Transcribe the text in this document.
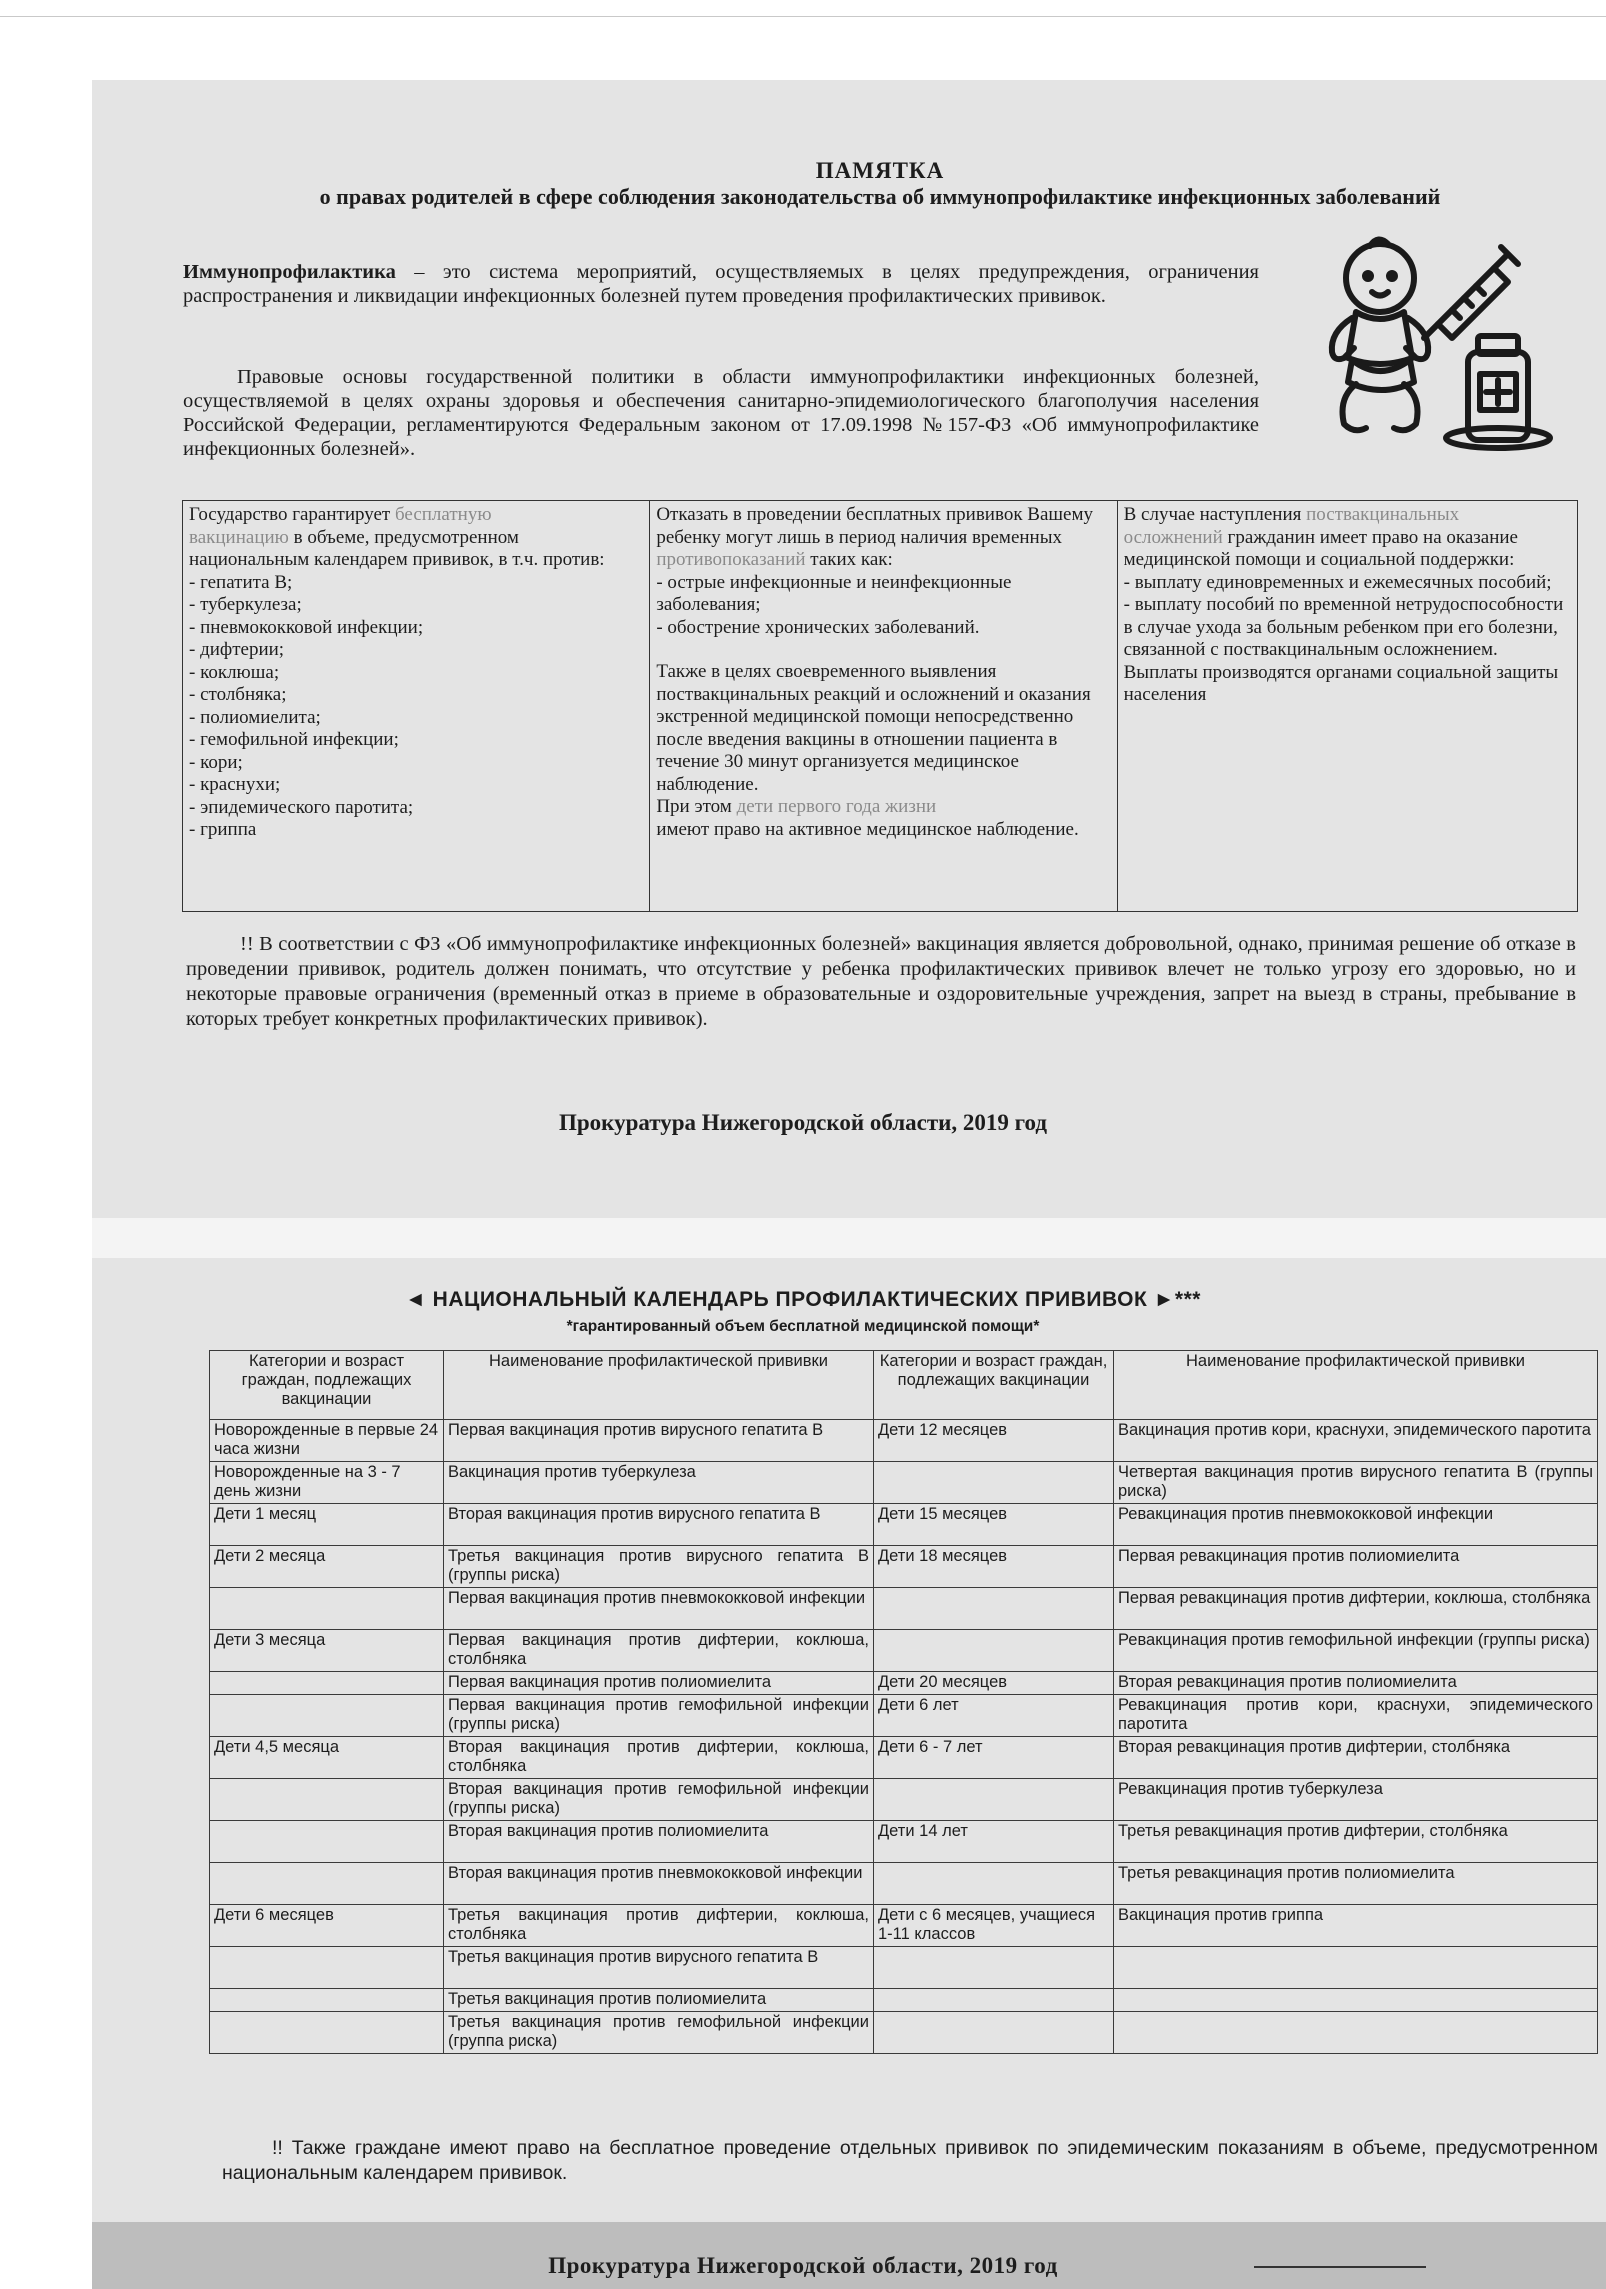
ПАМЯТКА
о правах родителей в сфере соблюдения законодательства об иммунопрофилактике инфекционных заболеваний
Иммунопрофилактика – это система мероприятий, осуществляемых в целях предупреждения, ограничения распространения и ликвидации инфекционных болезней путем проведения профилактических прививок.
Правовые основы государственной политики в области иммунопрофилактики инфекционных болезней, осуществляемой в целях охраны здоровья и обеспечения санитарно-эпидемиологического благополучия населения Российской Федерации, регламентируются Федеральным законом от 17.09.1998 №157-ФЗ «Об иммунопрофилактике инфекционных болезней».
Государство гарантирует бесплатную
вакцинацию в объеме, предусмотренном национальным календарем прививок, в т.ч. против:
- гепатита В;
- туберкулеза;
- пневмококковой инфекции;
- дифтерии;
- коклюша;
- столбняка;
- полиомиелита;
- гемофильной инфекции;
- кори;
- краснухи;
- эпидемического паротита;
- гриппа
	Отказать в проведении бесплатных прививок Вашему ребенку могут лишь в период наличия временных
противопоказаний таких как:
- острые инфекционные и неинфекционные заболевания;
- обострение хронических заболеваний.
Также в целях своевременного выявления поствакцинальных реакций и осложнений и оказания экстренной медицинской помощи непосредственно после введения вакцины в отношении пациента в течение 30 минут организуется медицинское наблюдение.
При этом дети первого года жизни
имеют право на активное медицинское наблюдение.	В случае наступления поствакцинальных
осложнений гражданин имеет право на оказание медицинской помощи и социальной поддержки:
- выплату единовременных и ежемесячных пособий;
- выплату пособий по временной нетрудоспособности в случае ухода за больным ребенком при его болезни, связанной с поствакцинальным осложнением.
Выплаты производятся органами социальной защиты населения
!! В соответствии с ФЗ «Об иммунопрофилактике инфекционных болезней» вакцинация является добровольной, однако, принимая решение об отказе в проведении прививок, родитель должен понимать, что отсутствие у ребенка профилактических прививок влечет не только угрозу его здоровью, но и некоторые правовые ограничения (временный отказ в приеме в образовательные и оздоровительные учреждения, запрет на выезд в страны, пребывание в которых требует конкретных профилактических прививок).
Прокуратура Нижегородской области, 2019 год
◄ НАЦИОНАЛЬНЫЙ КАЛЕНДАРЬ ПРОФИЛАКТИЧЕСКИХ ПРИВИВОК ►***
*гарантированный объем бесплатной медицинской помощи*
Категории и возраст граждан, подлежащих вакцинации	Наименование профилактической прививки	Категории и возраст граждан, подлежащих вакцинации	Наименование профилактической прививки
Новорожденные в первые 24 часа жизни	Первая вакцинация против вирусного гепатита В	Дети 12 месяцев	Вакцинация против кори, краснухи, эпидемического паротита
Новорожденные на 3 - 7 день жизни	Вакцинация против туберкулеза		Четвертая вакцинация против вирусного гепатита В (группы риска)
Дети 1 месяц	Вторая вакцинация против вирусного гепатита В	Дети 15 месяцев	Ревакцинация против пневмококковой инфекции
Дети 2 месяца	Третья вакцинация против вирусного гепатита В (группы риска)	Дети 18 месяцев	Первая ревакцинация против полиомиелита
	Первая вакцинация против пневмококковой инфекции		Первая ревакцинация против дифтерии, коклюша, столбняка
Дети 3 месяца	Первая вакцинация против дифтерии, коклюша, столбняка		Ревакцинация против гемофильной инфекции (группы риска)
	Первая вакцинация против полиомиелита	Дети 20 месяцев	Вторая ревакцинация против полиомиелита
	Первая вакцинация против гемофильной инфекции (группы риска)	Дети 6 лет	Ревакцинация против кори, краснухи, эпидемического паротита
Дети 4,5 месяца	Вторая вакцинация против дифтерии, коклюша, столбняка	Дети 6 - 7 лет	Вторая ревакцинация против дифтерии, столбняка
	Вторая вакцинация против гемофильной инфекции (группы риска)		Ревакцинация против туберкулеза
	Вторая вакцинация против полиомиелита	Дети 14 лет	Третья ревакцинация против дифтерии, столбняка
	Вторая вакцинация против пневмококковой инфекции		Третья ревакцинация против полиомиелита
Дети 6 месяцев	Третья вакцинация против дифтерии, коклюша, столбняка	Дети с 6 месяцев, учащиеся 1-11 классов	Вакцинация против гриппа
	Третья вакцинация против вирусного гепатита В		
	Третья вакцинация против полиомиелита		
	Третья вакцинация против гемофильной инфекции (группа риска)		
!! Также граждане имеют право на бесплатное проведение отдельных прививок по эпидемическим показаниям в объеме, предусмотренном национальным календарем прививок.
Прокуратура Нижегородской области, 2019 год
